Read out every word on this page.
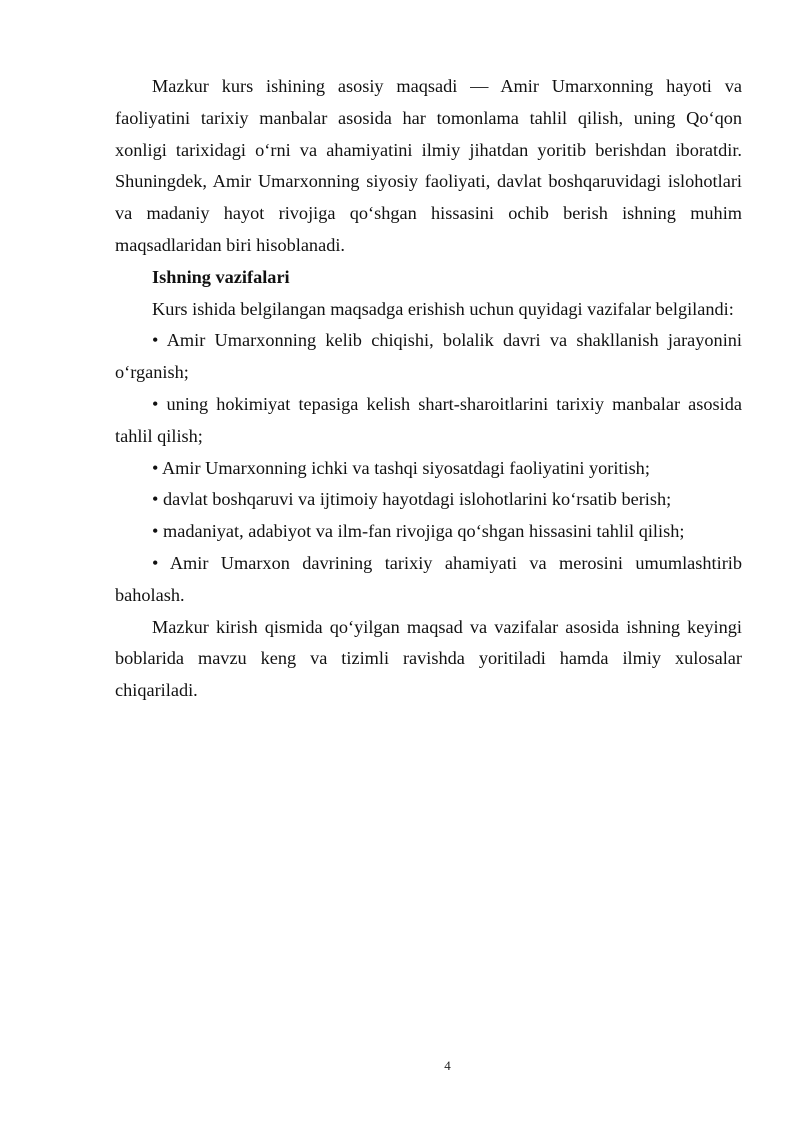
Mazkur kurs ishining asosiy maqsadi — Amir Umarxonning hayoti va faoliyatini tarixiy manbalar asosida har tomonlama tahlil qilish, uning Qo‘qon xonligi tarixidagi o‘rni va ahamiyatini ilmiy jihatdan yoritib berishdan iboratdir. Shuningdek, Amir Umarxonning siyosiy faoliyati, davlat boshqaruvidagi islohotlari va madaniy hayot rivojiga qo‘shgan hissasini ochib berish ishning muhim maqsadlaridan biri hisoblanadi.

Ishning vazifalari

Kurs ishida belgilangan maqsadga erishish uchun quyidagi vazifalar belgilandi:

• Amir Umarxonning kelib chiqishi, bolalik davri va shakllanish jarayonini o‘rganish;

• uning hokimiyat tepasiga kelish shart-sharoitlarini tarixiy manbalar asosida tahlil qilish;

• Amir Umarxonning ichki va tashqi siyosatdagi faoliyatini yoritish;

• davlat boshqaruvi va ijtimoiy hayotdagi islohotlarini ko‘rsatib berish;

• madaniyat, adabiyot va ilm-fan rivojiga qo‘shgan hissasini tahlil qilish;

• Amir Umarxon davrining tarixiy ahamiyati va merosini umumlashtirib baholash.

Mazkur kirish qismida qo‘yilgan maqsad va vazifalar asosida ishning keyingi boblarida mavzu keng va tizimli ravishda yoritiladi hamda ilmiy xulosalar chiqariladi.

4
